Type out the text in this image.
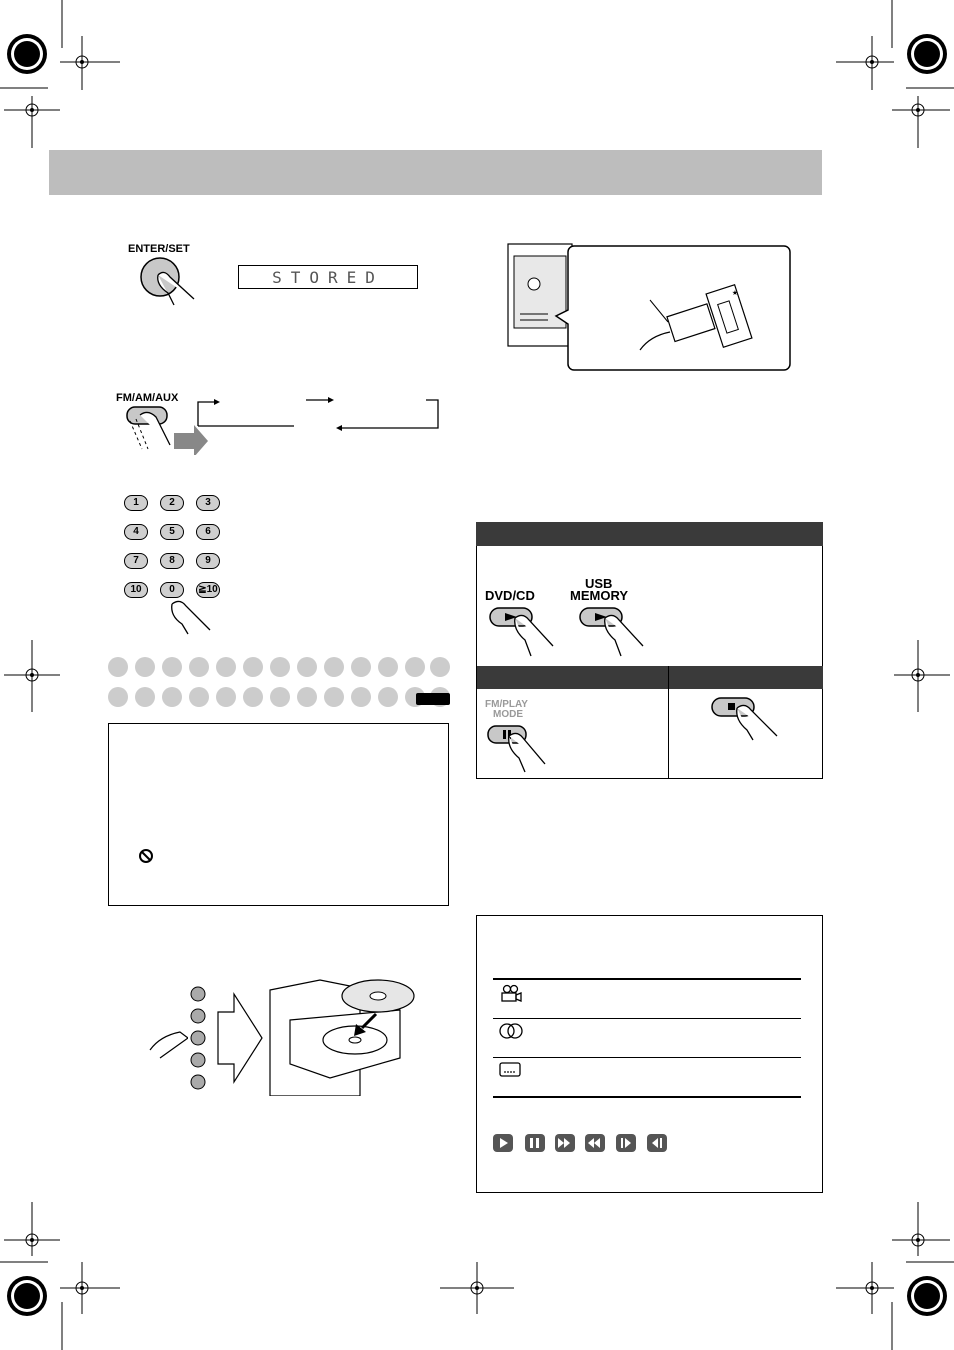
ENTER/SET
STORED
FM/AM/AUX
1	2	3
4	5	6
7	8	9
10	0	≧10
⭑
DVD/CD
USB
MEMORY
FM/PLAY
MODE
